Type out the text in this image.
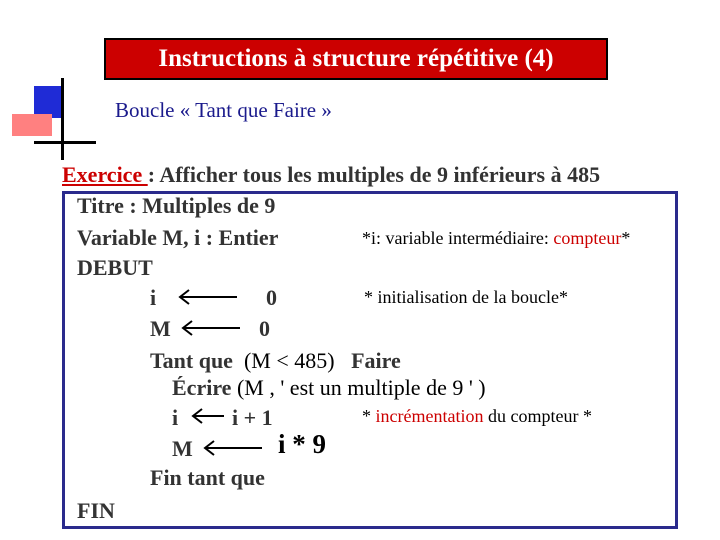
Instructions à structure répétitive (4)
Boucle « Tant que Faire »
Exercice : Afficher tous les multiples de 9 inférieurs à 485
Titre : Multiples de 9
Variable M, i : Entier	*i: variable intermédiaire: compteur*
DEBUT
i	0	* initialisation de la boucle*
M	0
Tant que (M < 485) Faire
Écrire (M , ' est un multiple de 9 ' )
i i + 1	* incrémentation du compteur *
M	i * 9
Fin tant que
FIN
